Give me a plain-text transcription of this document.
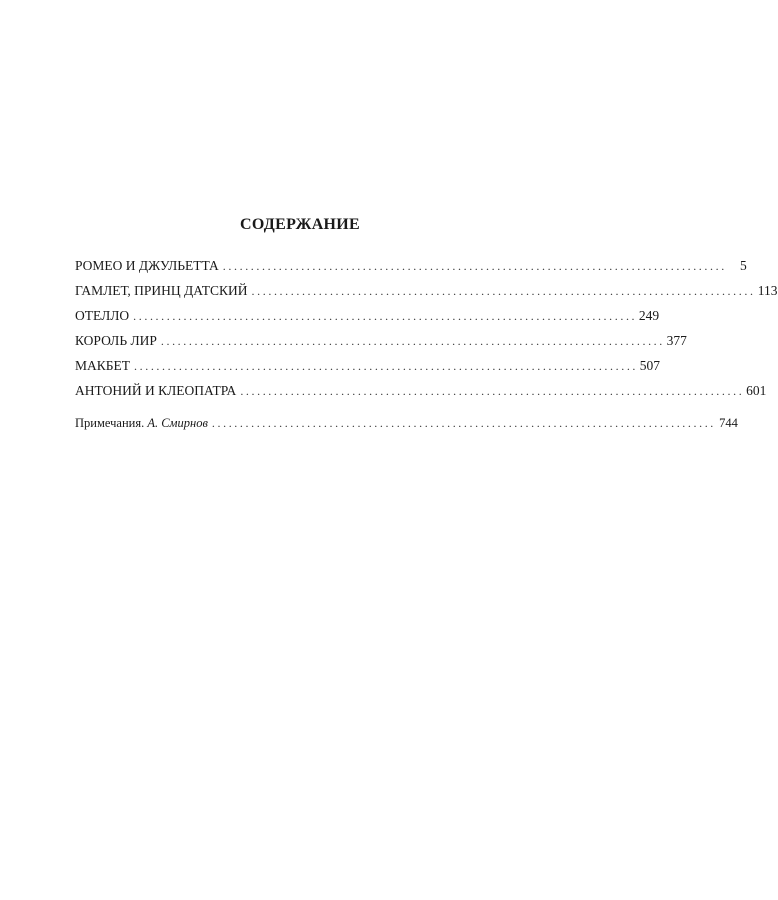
СОДЕРЖАНИЕ
РОМЕО И ДЖУЛЬЕТТА .......................................................................................... 5
ГАМЛЕТ, ПРИНЦ ДАТСКИЙ .......................................................................................... 113
ОТЕЛЛО .......................................................................................... 249
КОРОЛЬ ЛИР .......................................................................................... 377
МАКБЕТ .......................................................................................... 507
АНТОНИЙ И КЛЕОПАТРА .......................................................................................... 601
Примечания. А. Смирнов .......................................................................................... 744
